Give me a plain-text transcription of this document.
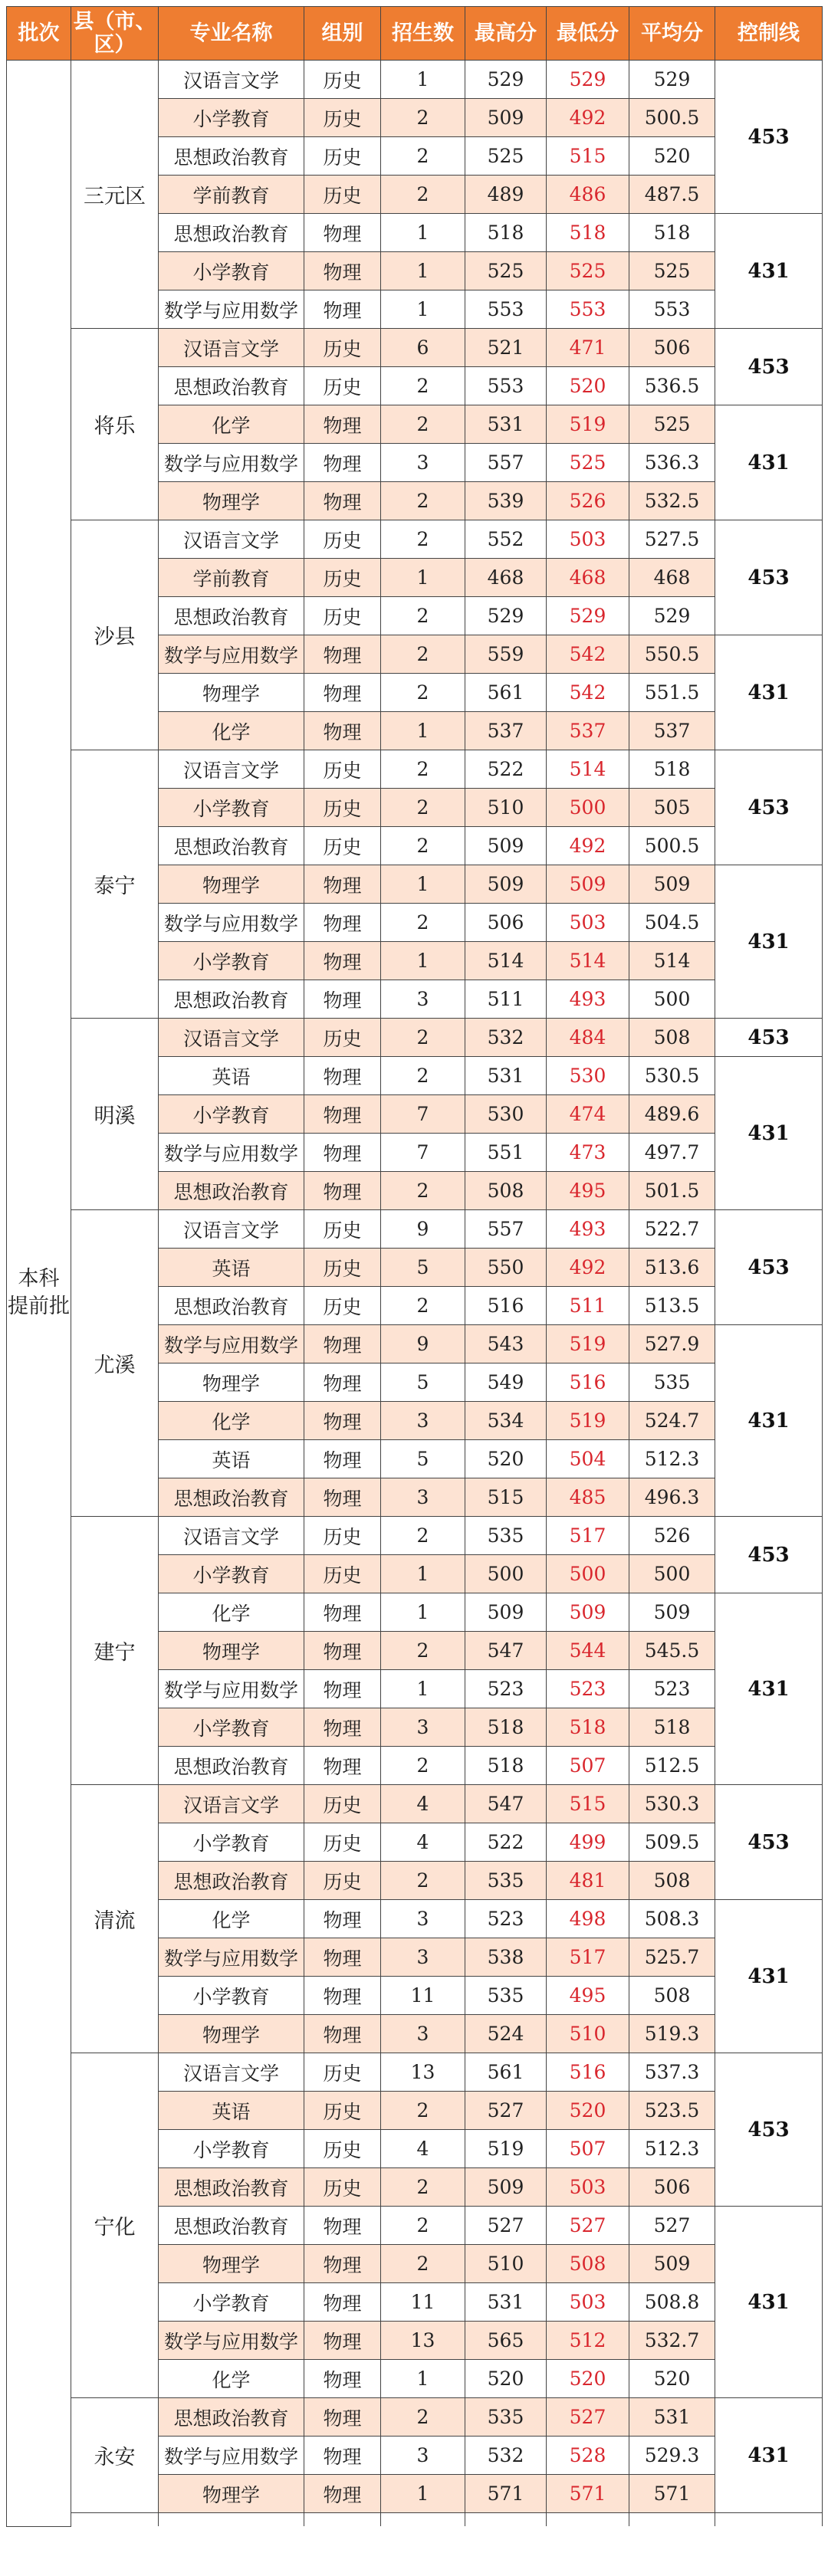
批次	县（市、区）	专业名称	组别	招生数	最高分	最低分	平均分	控制线
本科
提前批	三元区	汉语言文学	历史	1	529	529	529	453
		小学教育	历史	2	509	492	500.5	
		思想政治教育	历史	2	525	515	520	
		学前教育	历史	2	489	486	487.5	
		思想政治教育	物理	1	518	518	518	431
		小学教育	物理	1	525	525	525	
		数学与应用数学	物理	1	553	553	553	
	将乐	汉语言文学	历史	6	521	471	506	453
		思想政治教育	历史	2	553	520	536.5	
		化学	物理	2	531	519	525	431
		数学与应用数学	物理	3	557	525	536.3	
		物理学	物理	2	539	526	532.5	
	沙县	汉语言文学	历史	2	552	503	527.5	453
		学前教育	历史	1	468	468	468	
		思想政治教育	历史	2	529	529	529	
		数学与应用数学	物理	2	559	542	550.5	431
		物理学	物理	2	561	542	551.5	
		化学	物理	1	537	537	537	
	泰宁	汉语言文学	历史	2	522	514	518	453
		小学教育	历史	2	510	500	505	
		思想政治教育	历史	2	509	492	500.5	
		物理学	物理	1	509	509	509	431
		数学与应用数学	物理	2	506	503	504.5	
		小学教育	物理	1	514	514	514	
		思想政治教育	物理	3	511	493	500	
	明溪	汉语言文学	历史	2	532	484	508	453
		英语	物理	2	531	530	530.5	431
		小学教育	物理	7	530	474	489.6	
		数学与应用数学	物理	7	551	473	497.7	
		思想政治教育	物理	2	508	495	501.5	
	尤溪	汉语言文学	历史	9	557	493	522.7	453
		英语	历史	5	550	492	513.6	
		思想政治教育	历史	2	516	511	513.5	
		数学与应用数学	物理	9	543	519	527.9	431
		物理学	物理	5	549	516	535	
		化学	物理	3	534	519	524.7	
		英语	物理	5	520	504	512.3	
		思想政治教育	物理	3	515	485	496.3	
	建宁	汉语言文学	历史	2	535	517	526	453
		小学教育	历史	1	500	500	500	
		化学	物理	1	509	509	509	431
		物理学	物理	2	547	544	545.5	
		数学与应用数学	物理	1	523	523	523	
		小学教育	物理	3	518	518	518	
		思想政治教育	物理	2	518	507	512.5	
	清流	汉语言文学	历史	4	547	515	530.3	453
		小学教育	历史	4	522	499	509.5	
		思想政治教育	历史	2	535	481	508	
		化学	物理	3	523	498	508.3	431
		数学与应用数学	物理	3	538	517	525.7	
		小学教育	物理	11	535	495	508	
		物理学	物理	3	524	510	519.3	
	宁化	汉语言文学	历史	13	561	516	537.3	453
		英语	历史	2	527	520	523.5	
		小学教育	历史	4	519	507	512.3	
		思想政治教育	历史	2	509	503	506	
		思想政治教育	物理	2	527	527	527	431
		物理学	物理	2	510	508	509	
		小学教育	物理	11	531	503	508.8	
		数学与应用数学	物理	13	565	512	532.7	
		化学	物理	1	520	520	520	
	永安	思想政治教育	物理	2	535	527	531	431
		数学与应用数学	物理	3	532	528	529.3	
		物理学	物理	1	571	571	571	
